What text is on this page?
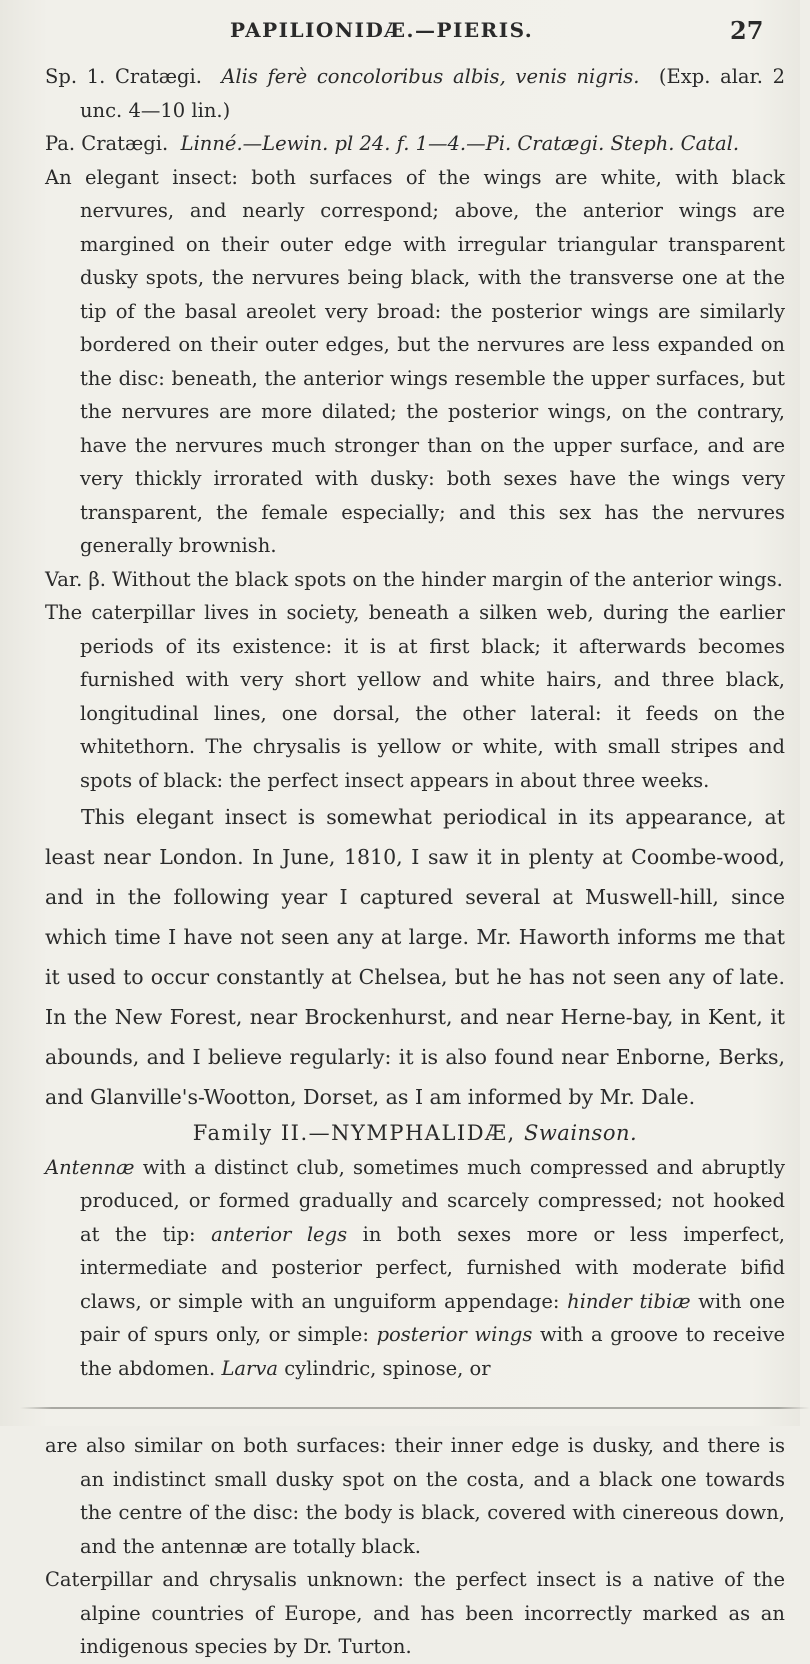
PAPILIONIDÆ.—PIERIS.	27

Sp. 1. Cratægi. Alis ferè concoloribus albis, venis nigris. (Exp. alar. 2 unc. 4—10 lin.)

Pa. Cratægi. Linné.—Lewin. pl 24. f. 1—4.—Pi. Cratægi. Steph. Catal.

An elegant insect: both surfaces of the wings are white, with black nervures, and nearly correspond; above, the anterior wings are margined on their outer edge with irregular triangular transparent dusky spots, the nervures being black, with the transverse one at the tip of the basal areolet very broad: the posterior wings are similarly bordered on their outer edges, but the nervures are less expanded on the disc: beneath, the anterior wings resemble the upper surfaces, but the nervures are more dilated; the posterior wings, on the contrary, have the nervures much stronger than on the upper surface, and are very thickly irrorated with dusky: both sexes have the wings very transparent, the female especially; and this sex has the nervures generally brownish.

Var. β. Without the black spots on the hinder margin of the anterior wings.

The caterpillar lives in society, beneath a silken web, during the earlier periods of its existence: it is at first black; it afterwards becomes furnished with very short yellow and white hairs, and three black, longitudinal lines, one dorsal, the other lateral: it feeds on the whitethorn. The chrysalis is yellow or white, with small stripes and spots of black: the perfect insect appears in about three weeks.

This elegant insect is somewhat periodical in its appearance, at least near London. In June, 1810, I saw it in plenty at Coombe-wood, and in the following year I captured several at Muswell-hill, since which time I have not seen any at large. Mr. Haworth informs me that it used to occur constantly at Chelsea, but he has not seen any of late. In the New Forest, near Brockenhurst, and near Herne-bay, in Kent, it abounds, and I believe regularly: it is also found near Enborne, Berks, and Glanville's-Wootton, Dorset, as I am informed by Mr. Dale.

Family II.—NYMPHALIDÆ, Swainson.

Antennæ with a distinct club, sometimes much compressed and abruptly produced, or formed gradually and scarcely compressed; not hooked at the tip: anterior legs in both sexes more or less imperfect, intermediate and posterior perfect, furnished with moderate bifid claws, or simple with an unguiform appendage: hinder tibiæ with one pair of spurs only, or simple: posterior wings with a groove to receive the abdomen. Larva cylindric, spinose, or

are also similar on both surfaces: their inner edge is dusky, and there is an indistinct small dusky spot on the costa, and a black one towards the centre of the disc: the body is black, covered with cinereous down, and the antennæ are totally black.

Caterpillar and chrysalis unknown: the perfect insect is a native of the alpine countries of Europe, and has been incorrectly marked as an indigenous species by Dr. Turton.
